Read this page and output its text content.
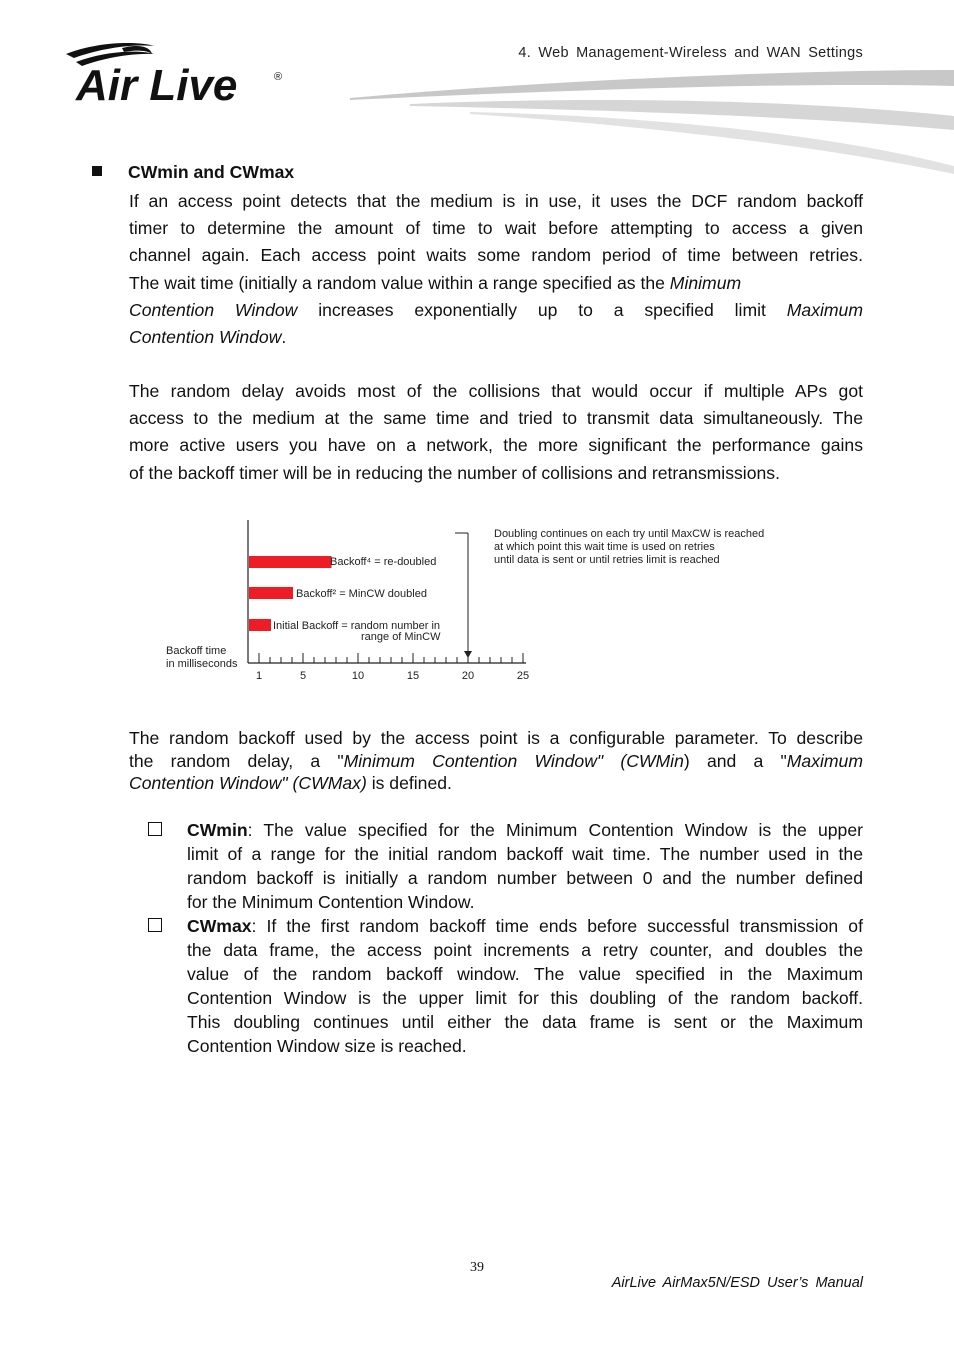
4. Web Management-Wireless and WAN Settings
Air Live	®
CWmin and CWmax
If an access point detects that the medium is in use, it uses the DCF random backoff
timer to determine the amount of time to wait before attempting to access a given
channel again. Each access point waits some random period of time between retries.
The wait time (initially a random value within a range specified as the Minimum
Contention Window increases exponentially up to a specified limit Maximum
Contention Window.
The random delay avoids most of the collisions that would occur if multiple APs got
access to the medium at the same time and tried to transmit data simultaneously. The
more active users you have on a network, the more significant the performance gains
of the backoff timer will be in reducing the number of collisions and retransmissions.
1	5	10	15	20	25
Backoff time
in milliseconds
Backoff⁴ = re-doubled
Backoff² = MinCW doubled
Initial Backoff = random number in
range of MinCW
Doubling continues on each try until MaxCW is reached
at which point this wait time is used on retries
until data is sent or until retries limit is reached
The random backoff used by the access point is a configurable parameter. To describe
the random delay, a "Minimum Contention Window" (CWMin) and a "Maximum
Contention Window" (CWMax) is defined.
CWmin: The value specified for the Minimum Contention Window is the upper
limit of a range for the initial random backoff wait time. The number used in the
random backoff is initially a random number between 0 and the number defined
for the Minimum Contention Window.
CWmax: If the first random backoff time ends before successful transmission of
the data frame, the access point increments a retry counter, and doubles the
value of the random backoff window. The value specified in the Maximum
Contention Window is the upper limit for this doubling of the random backoff.
This doubling continues until either the data frame is sent or the Maximum
Contention Window size is reached.
39
AirLive AirMax5N/ESD User’s Manual
